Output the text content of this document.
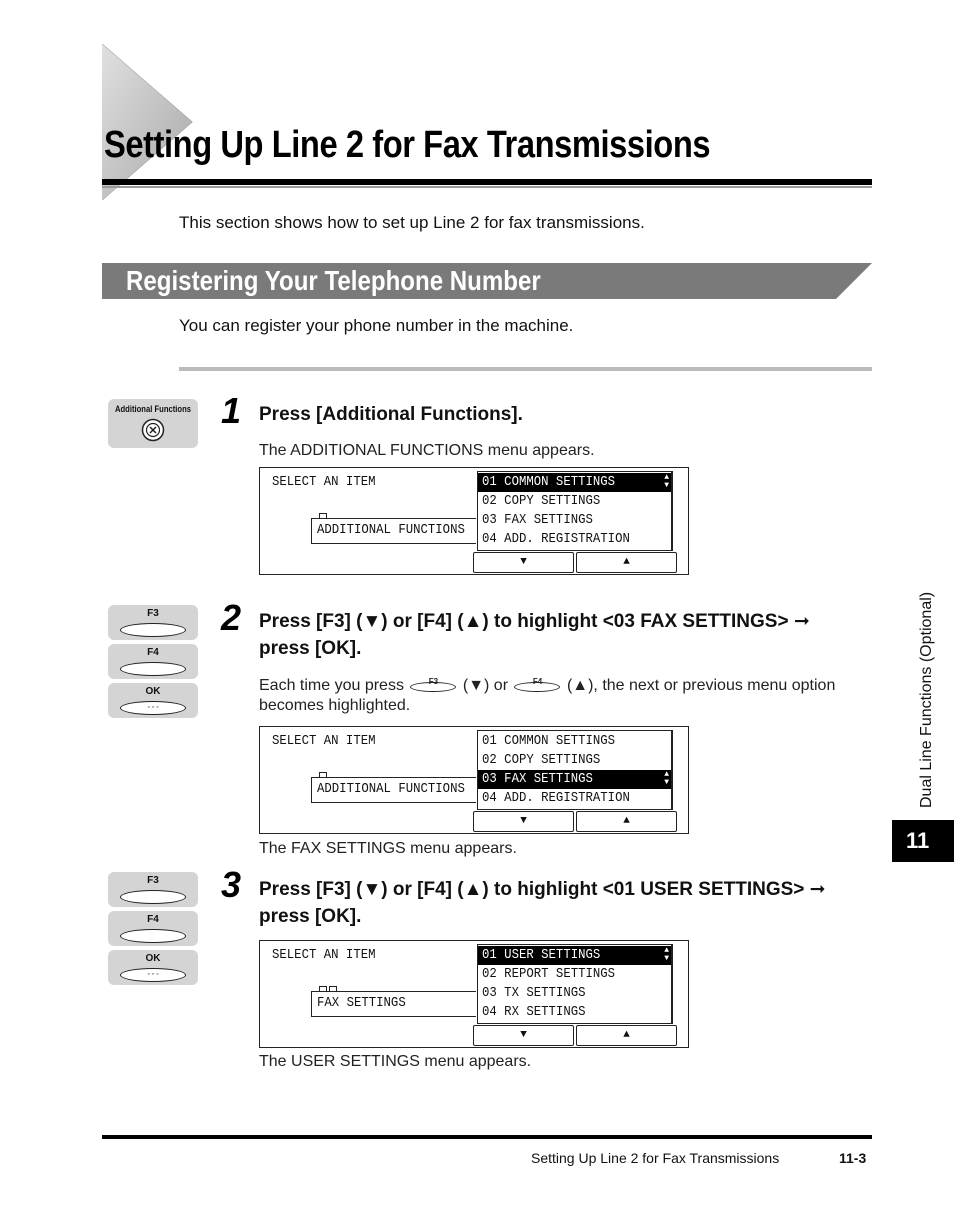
Setting Up Line 2 for Fax Transmissions
This section shows how to set up Line 2 for fax transmissions.
Registering Your Telephone Number
You can register your phone number in the machine.
Additional Functions 1 Press [Additional Functions].
The ADDITIONAL FUNCTIONS menu appears.
SELECT AN ITEM
ADDITIONAL FUNCTIONS
01 COMMON SETTINGS	▲
▼
02 COPY SETTINGS
03 FAX SETTINGS
04 ADD. REGISTRATION
▼	▲
F3
F4
OK
◦ ◦ ◦
2 Press [F3] (▼) or [F4] (▲) to highlight <03 FAX SETTINGS> ➞
press [OK].
Each time you press	F3	(▼) or	F4	(▲), the next or previous menu option
becomes highlighted.
SELECT AN ITEM
ADDITIONAL FUNCTIONS
01 COMMON SETTINGS
02 COPY SETTINGS
03 FAX SETTINGS	▲
▼
04 ADD. REGISTRATION
▼	▲
The FAX SETTINGS menu appears.
F3
F4
OK
◦ ◦ ◦
3 Press [F3] (▼) or [F4] (▲) to highlight <01 USER SETTINGS> ➞
press [OK].
SELECT AN ITEM
FAX SETTINGS
01 USER SETTINGS	▲
▼
02 REPORT SETTINGS
03 TX SETTINGS
04 RX SETTINGS
▼	▲
The USER SETTINGS menu appears.
Dual Line Functions (Optional)
11
Setting Up Line 2 for Fax Transmissions	11-3
